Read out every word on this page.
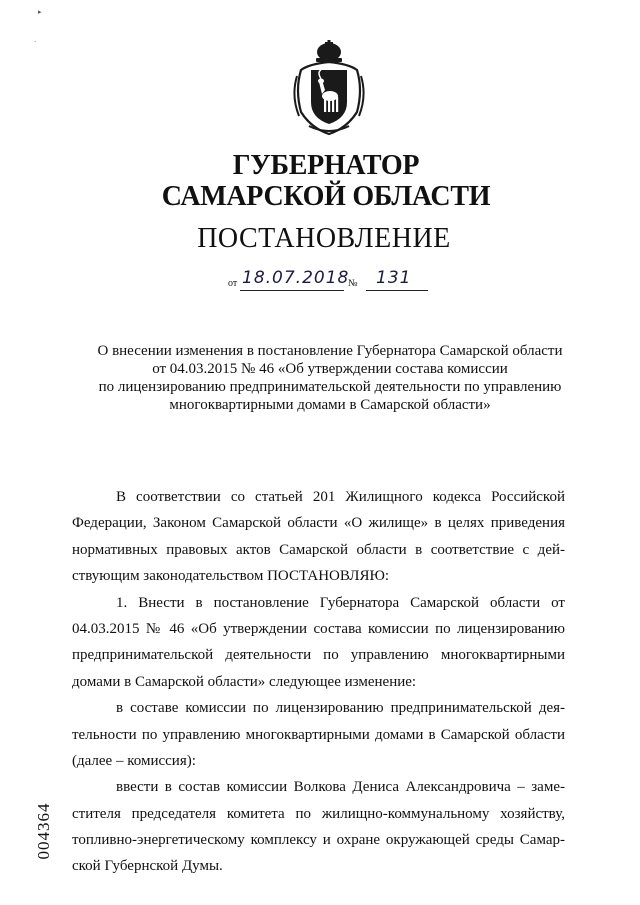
▸
·
ГУБЕРНАТОР
САМАРСКОЙ ОБЛАСТИ
ПОСТАНОВЛЕНИЕ
от 18.07.2018
№ 131
О внесении изменения в постановление Губернатора Самарской области
от 04.03.2015 № 46 «Об утверждении состава комиссии
по лицензированию предпринимательской деятельности по управлению
многоквартирными домами в Самарской области»
В соответствии со статьей 201 Жилищного кодекса Российской
Федерации, Законом Самарской области «О жилище» в целях приведения
нормативных правовых актов Самарской области в соответствие с дей-
ствующим законодательством ПОСТАНОВЛЯЮ:
1. Внести в постановление Губернатора Самарской области от
04.03.2015 № 46 «Об утверждении состава комиссии по лицензированию
предпринимательской деятельности по управлению многоквартирными
домами в Самарской области» следующее изменение:
в составе комиссии по лицензированию предпринимательской дея-
тельности по управлению многоквартирными домами в Самарской области
(далее – комиссия):
ввести в состав комиссии Волкова Дениса Александровича – заме-
стителя председателя комитета по жилищно-коммунальному хозяйству,
топливно-энергетическому комплексу и охране окружающей среды Самар-
ской Губернской Думы.
004364
